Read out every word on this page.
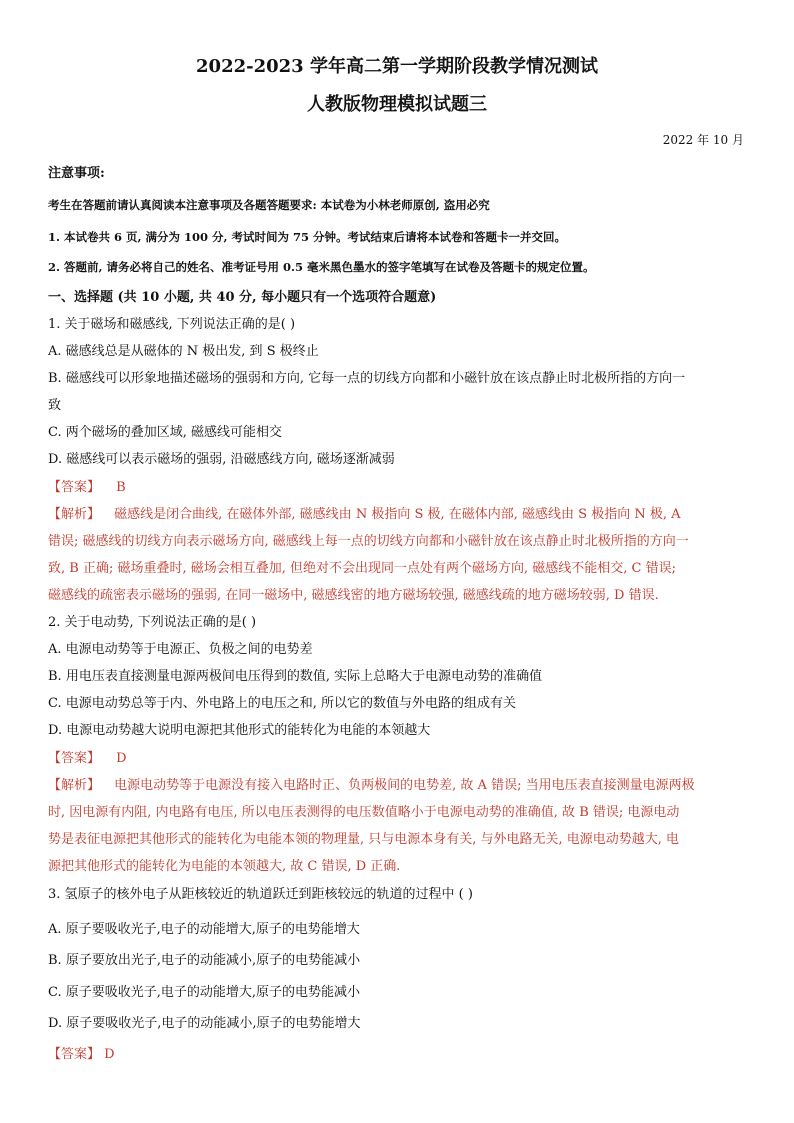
2022-2023 学年高二第一学期阶段教学情况测试
人教版物理模拟试题三
2022 年 10 月
注意事项:
考生在答题前请认真阅读本注意事项及各题答题要求: 本试卷为小林老师原创, 盗用必究
1. 本试卷共 6 页, 满分为 100 分, 考试时间为 75 分钟。考试结束后请将本试卷和答题卡一并交回。
2. 答题前, 请务必将自己的姓名、准考证号用 0.5 毫米黑色墨水的签字笔填写在试卷及答题卡的规定位置。
一、选择题 (共 10 小题, 共 40 分, 每小题只有一个选项符合题意)
1. 关于磁场和磁感线, 下列说法正确的是( )
A. 磁感线总是从磁体的 N 极出发, 到 S 极终止
B. 磁感线可以形象地描述磁场的强弱和方向, 它每一点的切线方向都和小磁针放在该点静止时北极所指的方向一
致
C. 两个磁场的叠加区域, 磁感线可能相交
D. 磁感线可以表示磁场的强弱, 沿磁感线方向, 磁场逐渐减弱
【答案】 B
【解析】 磁感线是闭合曲线, 在磁体外部, 磁感线由 N 极指向 S 极, 在磁体内部, 磁感线由 S 极指向 N 极, A
错误; 磁感线的切线方向表示磁场方向, 磁感线上每一点的切线方向都和小磁针放在该点静止时北极所指的方向一
致, B 正确; 磁场重叠时, 磁场会相互叠加, 但绝对不会出现同一点处有两个磁场方向, 磁感线不能相交, C 错误;
磁感线的疏密表示磁场的强弱, 在同一磁场中, 磁感线密的地方磁场较强, 磁感线疏的地方磁场较弱, D 错误.
2. 关于电动势, 下列说法正确的是( )
A. 电源电动势等于电源正、负极之间的电势差
B. 用电压表直接测量电源两极间电压得到的数值, 实际上总略大于电源电动势的准确值
C. 电源电动势总等于内、外电路上的电压之和, 所以它的数值与外电路的组成有关
D. 电源电动势越大说明电源把其他形式的能转化为电能的本领越大
【答案】 D
【解析】 电源电动势等于电源没有接入电路时正、负两极间的电势差, 故 A 错误; 当用电压表直接测量电源两极
时, 因电源有内阻, 内电路有电压, 所以电压表测得的电压数值略小于电源电动势的准确值, 故 B 错误; 电源电动
势是表征电源把其他形式的能转化为电能本领的物理量, 只与电源本身有关, 与外电路无关, 电源电动势越大, 电
源把其他形式的能转化为电能的本领越大, 故 C 错误, D 正确.
3. 氢原子的核外电子从距核较近的轨道跃迁到距核较远的轨道的过程中 ( )
A. 原子要吸收光子,电子的动能增大,原子的电势能增大
B. 原子要放出光子,电子的动能减小,原子的电势能减小
C. 原子要吸收光子,电子的动能增大,原子的电势能减小
D. 原子要吸收光子,电子的动能减小,原子的电势能增大
【答案】 D
